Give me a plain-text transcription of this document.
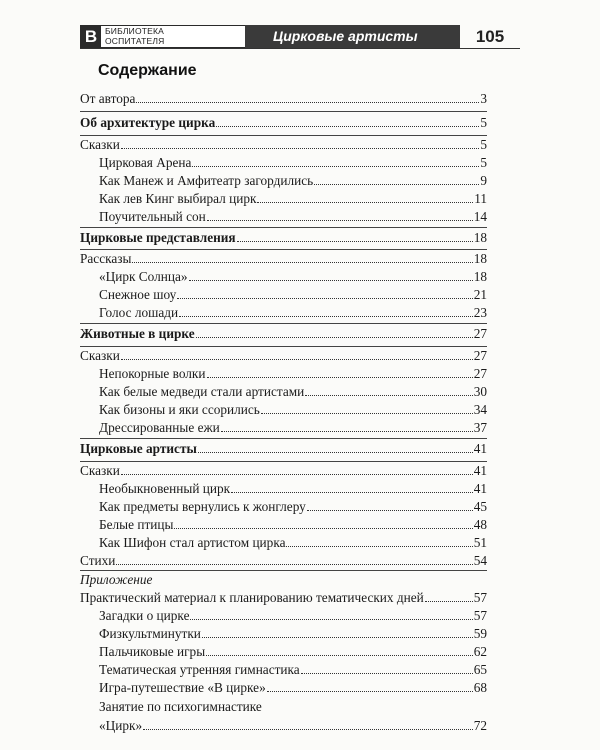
B БИБЛИОТЕКА
ОСПИТАТЕЛЯ	Цирковые артисты	105
Содержание
От автора	3
Об архитектуре цирка	5
Сказки	5
Цирковая Арена	5
Как Манеж и Амфитеатр загордились	9
Как лев Кинг выбирал цирк	11
Поучительный сон	14
Цирковые представления	18
Рассказы	18
«Цирк Солнца»	18
Снежное шоу	21
Голос лошади	23
Животные в цирке	27
Сказки	27
Непокорные волки	27
Как белые медведи стали артистами	30
Как бизоны и яки ссорились	34
Дрессированные ежи	37
Цирковые артисты	41
Сказки	41
Необыкновенный цирк	41
Как предметы вернулись к жонглеру	45
Белые птицы	48
Как Шифон стал артистом цирка	51
Стихи	54
Приложение
Практический материал к планированию тематических дней	57
Загадки о цирке	57
Физкультминутки	59
Пальчиковые игры	62
Тематическая утренняя гимнастика	65
Игра-путешествие «В цирке»	68
Занятие по психогимнастике
«Цирк»	72
